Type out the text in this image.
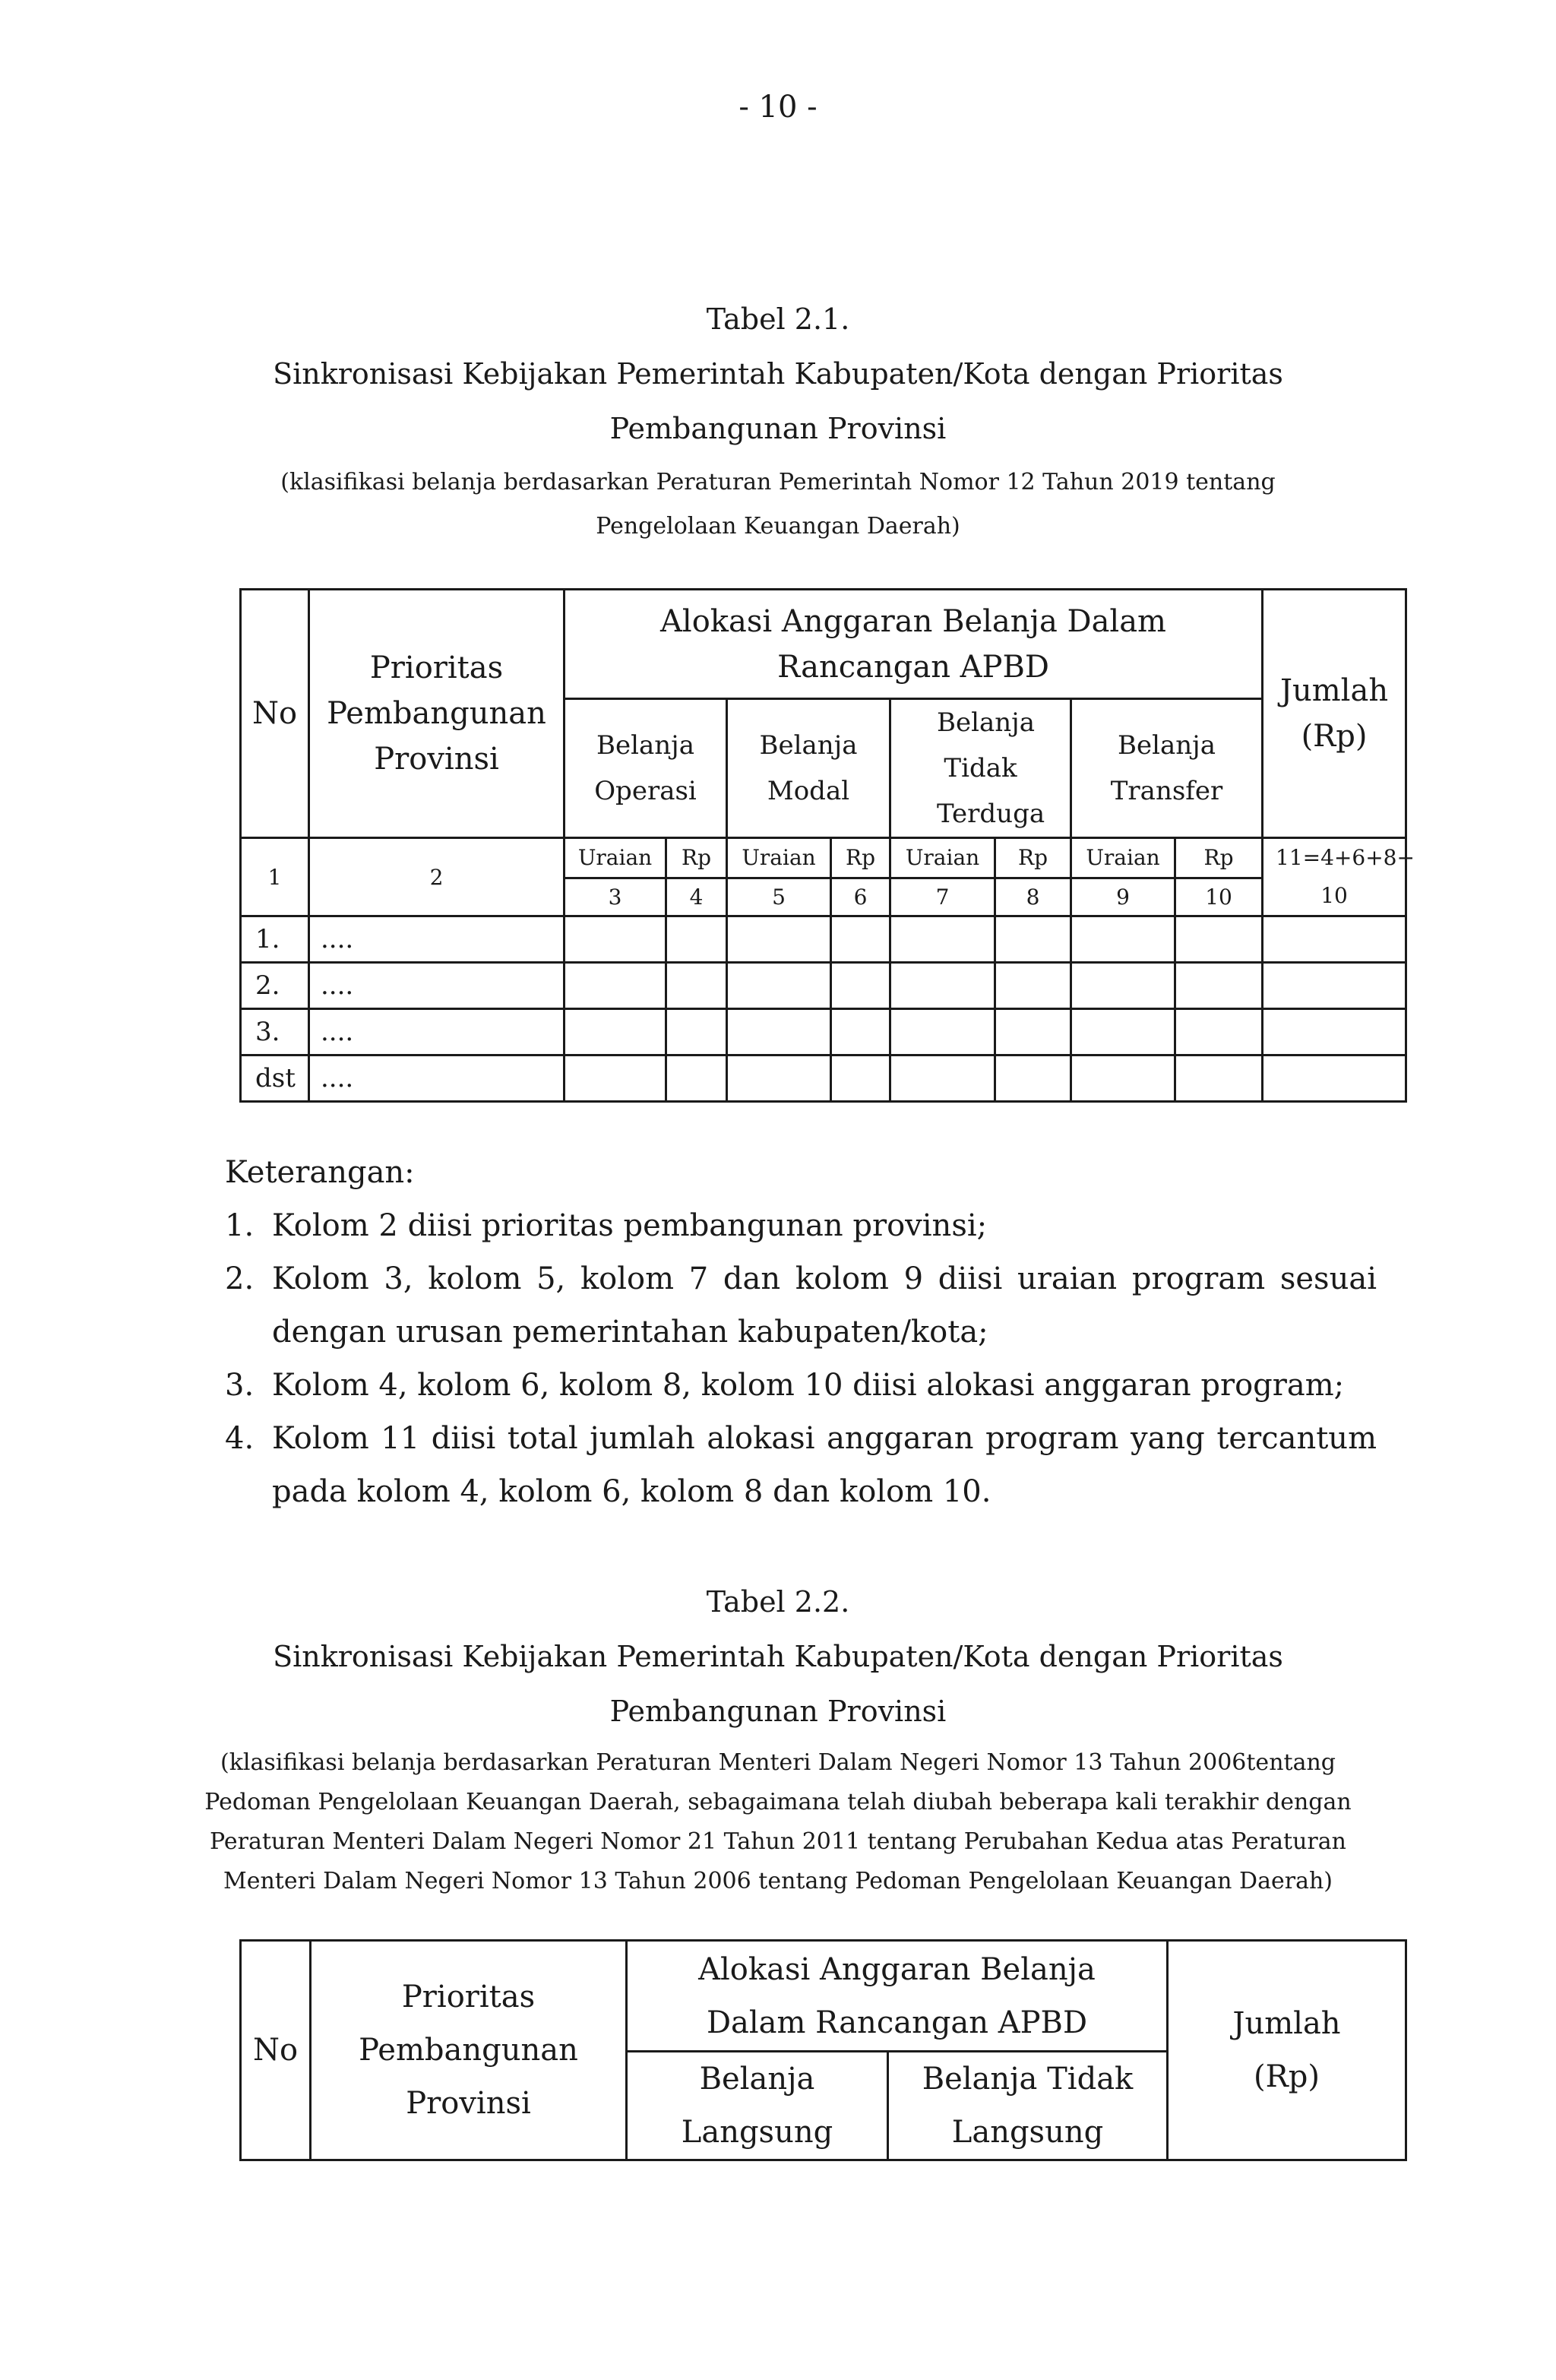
- 10 -
Tabel 2.1.
Sinkronisasi Kebijakan Pemerintah Kabupaten/Kota dengan Prioritas Pembangunan Provinsi
(klasifikasi belanja berdasarkan Peraturan Pemerintah Nomor 12 Tahun 2019 tentang Pengelolaan Keuangan Daerah)
No	Prioritas Pembangunan Provinsi	Alokasi Anggaran Belanja Dalam Rancangan APBD								Jumlah (Rp)
		Belanja Operasi		Belanja Modal		Belanja Tidak Terduga		Belanja Transfer		
1	2	Uraian	Rp	Uraian	Rp	Uraian	Rp	Uraian	Rp	11=4+6+8+ 10
		3	4	5	6	7	8	9	10	
1.	....									
2.	....									
3.	....									
dst	....									
Keterangan:
1. Kolom 2 diisi prioritas pembangunan provinsi;
2. Kolom 3, kolom 5, kolom 7 dan kolom 9 diisi uraian program sesuai dengan urusan pemerintahan kabupaten/kota;
3. Kolom 4, kolom 6, kolom 8, kolom 10 diisi alokasi anggaran program;
4. Kolom 11 diisi total jumlah alokasi anggaran program yang tercantum pada kolom 4, kolom 6, kolom 8 dan kolom 10.
Tabel 2.2.
Sinkronisasi Kebijakan Pemerintah Kabupaten/Kota dengan Prioritas Pembangunan Provinsi
(klasifikasi belanja berdasarkan Peraturan Menteri Dalam Negeri Nomor 13 Tahun 2006tentang Pedoman Pengelolaan Keuangan Daerah, sebagaimana telah diubah beberapa kali terakhir dengan Peraturan Menteri Dalam Negeri Nomor 21 Tahun 2011 tentang Perubahan Kedua atas Peraturan Menteri Dalam Negeri Nomor 13 Tahun 2006 tentang Pedoman Pengelolaan Keuangan Daerah)
No	Prioritas Pembangunan Provinsi	Alokasi Anggaran Belanja Dalam Rancangan APBD		Jumlah (Rp)
		Belanja Langsung	Belanja Tidak Langsung	
